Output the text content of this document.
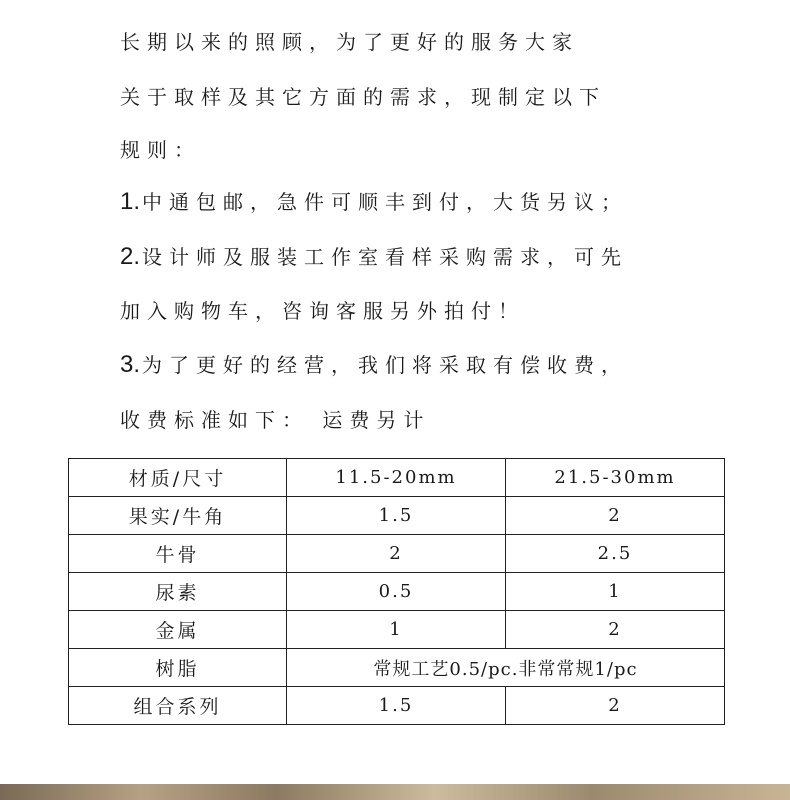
长期以来的照顾，为了更好的服务大家
关于取样及其它方面的需求，现制定以下
规则：
1. 中通包邮，急件可顺丰到付，大货另议；
2. 设计师及服装工作室看样采购需求，可先
加入购物车，咨询客服另外拍付！
3. 为了更好的经营，我们将采取有偿收费，
收费标准如下： 运费另计
材质/尺寸	11.5-20mm	21.5-30mm
果实/牛角	1.5	2
牛骨	2	2.5
尿素	0.5	1
金属	1	2
树脂	常规工艺0.5/pc.非常常规1/pc	
组合系列	1.5	2
